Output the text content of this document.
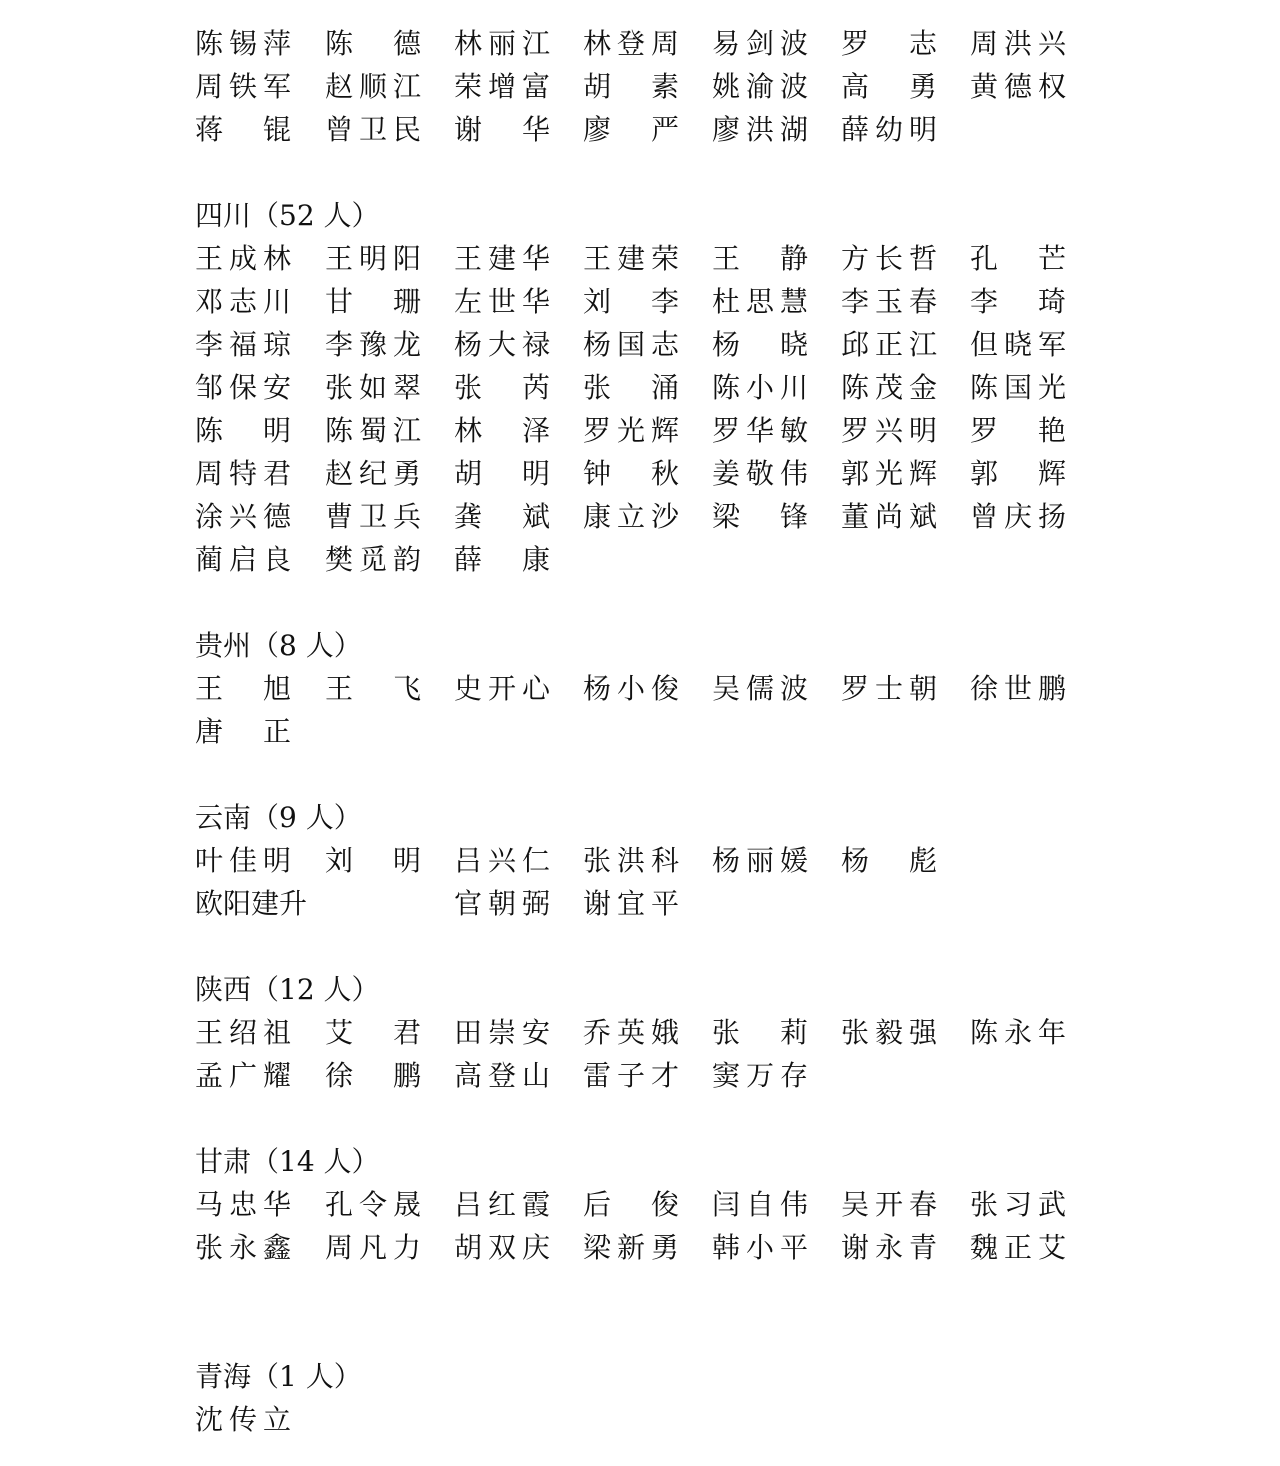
陈 锡 萍 陈 德 林 丽 江 林 登 周 易 剑 波 罗 志 周 洪 兴
周 铁 军 赵 顺 江 荣 增 富 胡 素 姚 渝 波 高 勇 黄 德 权
蒋 锟 曾 卫 民 谢 华 廖 严 廖 洪 湖 薛 幼 明
四川（52 人）
王 成 林 王 明 阳 王 建 华 王 建 荣 王 静 方 长 哲 孔 芒
邓 志 川 甘 珊 左 世 华 刘 李 杜 思 慧 李 玉 春 李 琦
李 福 琼 李 豫 龙 杨 大 禄 杨 国 志 杨 晓 邱 正 江 但 晓 军
邹 保 安 张 如 翠 张 芮 张 涌 陈 小 川 陈 茂 金 陈 国 光
陈 明 陈 蜀 江 林 泽 罗 光 辉 罗 华 敏 罗 兴 明 罗 艳
周 特 君 赵 纪 勇 胡 明 钟 秋 姜 敬 伟 郭 光 辉 郭 辉
涂 兴 德 曹 卫 兵 龚 斌 康 立 沙 梁 锋 董 尚 斌 曾 庆 扬
蔺 启 良 樊 觅 韵 薛 康
贵州（8 人）
王 旭 王 飞 史 开 心 杨 小 俊 吴 儒 波 罗 士 朝 徐 世 鹏
唐 正
云南（9 人）
叶 佳 明 刘 明 吕 兴 仁 张 洪 科 杨 丽 媛 杨 彪
欧阳建升	官 朝 弼 谢 宜 平
陕西（12 人）
王 绍 祖 艾 君 田 崇 安 乔 英 娥 张 莉 张 毅 强 陈 永 年
孟 广 耀 徐 鹏 高 登 山 雷 子 才 窦 万 存
甘肃（14 人）
马 忠 华 孔 令 晟 吕 红 霞 后 俊 闫 自 伟 吴 开 春 张 习 武
张 永 鑫 周 凡 力 胡 双 庆 梁 新 勇 韩 小 平 谢 永 青 魏 正 艾
青海（1 人）
沈 传 立
